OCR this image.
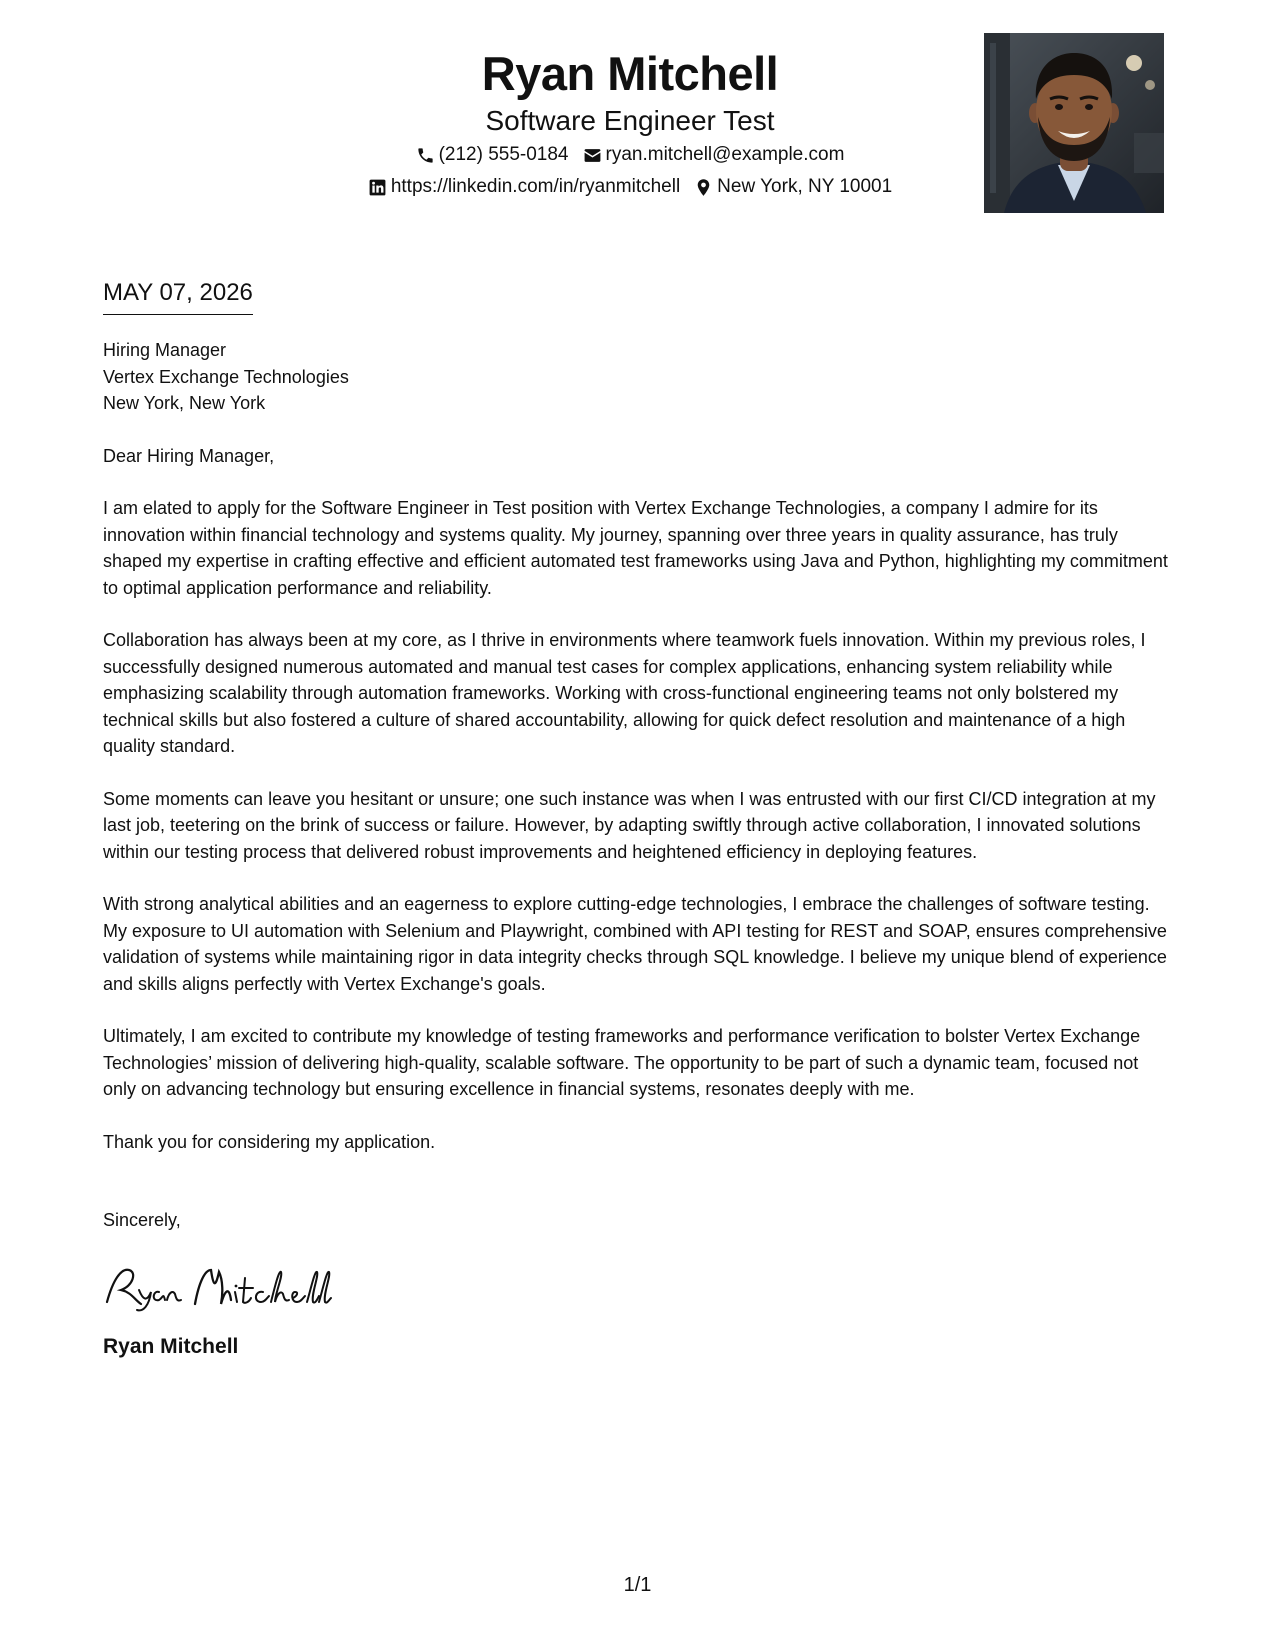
Ryan Mitchell
Software Engineer Test
(212) 555-0184 ryan.mitchell@example.com
https://linkedin.com/in/ryanmitchell New York, NY 10001
MAY 07, 2026
Hiring Manager
Vertex Exchange Technologies
New York, New York
Dear Hiring Manager,

I am elated to apply for the Software Engineer in Test position with Vertex Exchange Technologies, a company I admire for its innovation within financial technology and systems quality. My journey, spanning over three years in quality assurance, has truly shaped my expertise in crafting effective and efficient automated test frameworks using Java and Python, highlighting my commitment to optimal application performance and reliability.

Collaboration has always been at my core, as I thrive in environments where teamwork fuels innovation. Within my previous roles, I successfully designed numerous automated and manual test cases for complex applications, enhancing system reliability while emphasizing scalability through automation frameworks. Working with cross-functional engineering teams not only bolstered my technical skills but also fostered a culture of shared accountability, allowing for quick defect resolution and maintenance of a high quality standard.

Some moments can leave you hesitant or unsure; one such instance was when I was entrusted with our first CI/CD integration at my last job, teetering on the brink of success or failure. However, by adapting swiftly through active collaboration, I innovated solutions within our testing process that delivered robust improvements and heightened efficiency in deploying features.

With strong analytical abilities and an eagerness to explore cutting-edge technologies, I embrace the challenges of software testing. My exposure to UI automation with Selenium and Playwright, combined with API testing for REST and SOAP, ensures comprehensive validation of systems while maintaining rigor in data integrity checks through SQL knowledge. I believe my unique blend of experience and skills aligns perfectly with Vertex Exchange's goals.

Ultimately, I am excited to contribute my knowledge of testing frameworks and performance verification to bolster Vertex Exchange Technologies’ mission of delivering high-quality, scalable software. The opportunity to be part of such a dynamic team, focused not only on advancing technology but ensuring excellence in financial systems, resonates deeply with me.

Thank you for considering my application.

Sincerely,
Ryan Mitchell
1/1
